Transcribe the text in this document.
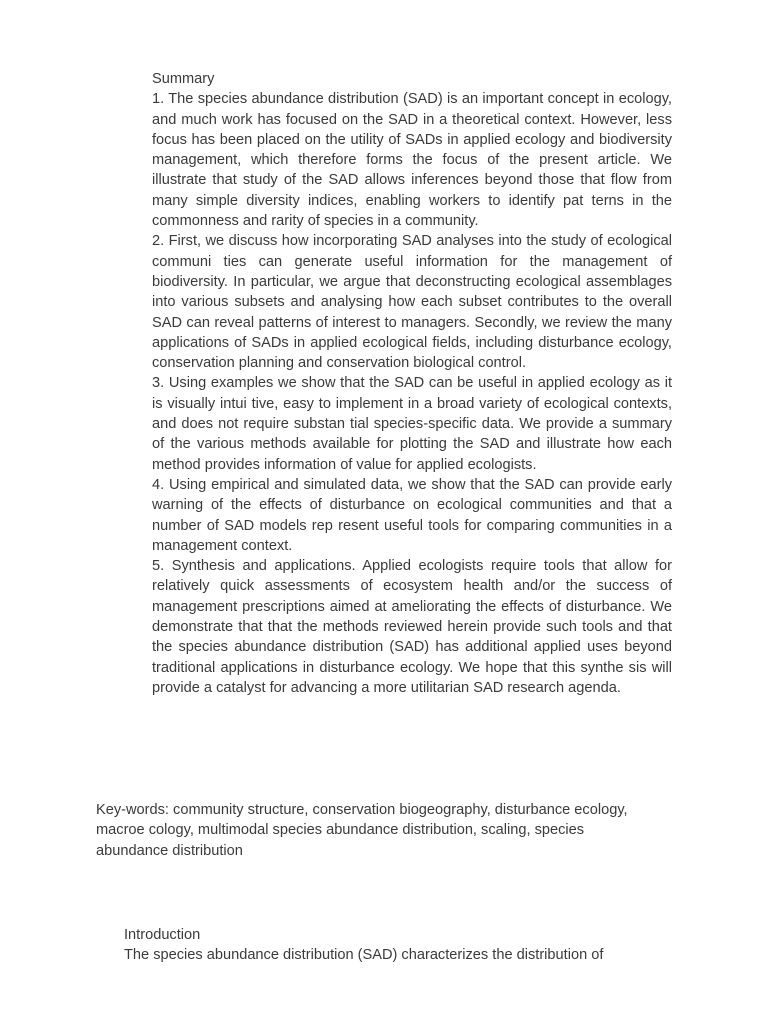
Summary

1. The species abundance distribution (SAD) is an important concept in ecology, and much work has focused on the SAD in a theoretical context. However, less focus has been placed on the utility of SADs in applied ecology and biodiversity management, which therefore forms the focus of the present article. We illustrate that study of the SAD allows inferences beyond those that flow from many simple diversity indices, enabling workers to identify pat terns in the commonness and rarity of species in a community.

2. First, we discuss how incorporating SAD analyses into the study of ecological communi ties can generate useful information for the management of biodiversity. In particular, we argue that deconstructing ecological assemblages into various subsets and analysing how each subset contributes to the overall SAD can reveal patterns of interest to managers. Secondly, we review the many applications of SADs in applied ecological fields, including disturbance ecology, conservation planning and conservation biological control.

3. Using examples we show that the SAD can be useful in applied ecology as it is visually intui tive, easy to implement in a broad variety of ecological contexts, and does not require substan tial species-specific data. We provide a summary of the various methods available for plotting the SAD and illustrate how each method provides information of value for applied ecologists.

4. Using empirical and simulated data, we show that the SAD can provide early warning of the effects of disturbance on ecological communities and that a number of SAD models rep resent useful tools for comparing communities in a management context.

5. Synthesis and applications. Applied ecologists require tools that allow for relatively quick assessments of ecosystem health and/or the success of management prescriptions aimed at ameliorating the effects of disturbance. We demonstrate that that the methods reviewed herein provide such tools and that the species abundance distribution (SAD) has additional applied uses beyond traditional applications in disturbance ecology. We hope that this synthe sis will provide a catalyst for advancing a more utilitarian SAD research agenda.

Key-words: community structure, conservation biogeography, disturbance ecology, macroe cology, multimodal species abundance distribution, scaling, species abundance distribution

Introduction

The species abundance distribution (SAD) characterizes the distribution of
